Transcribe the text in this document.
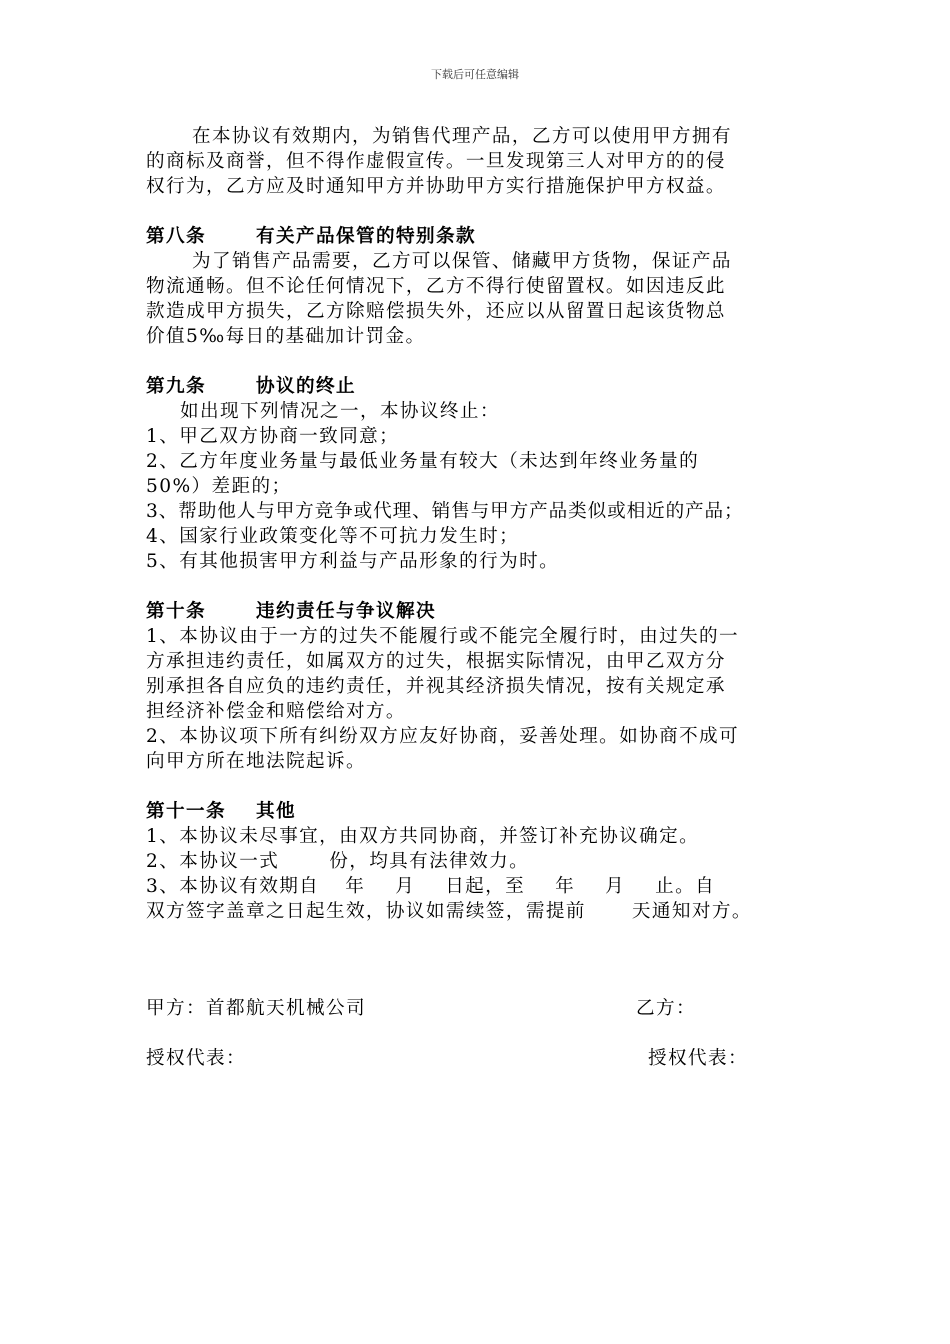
下载后可任意编辑
在本协议有效期内，为销售代理产品，乙方可以使用甲方拥有
的商标及商誉，但不得作虚假宣传。一旦发现第三人对甲方的的侵
权行为，乙方应及时通知甲方并协助甲方实行措施保护甲方权益。
第八条	有关产品保管的特别条款
为了销售产品需要，乙方可以保管、储藏甲方货物，保证产品
物流通畅。但不论任何情况下，乙方不得行使留置权。如因违反此
款造成甲方损失，乙方除赔偿损失外，还应以从留置日起该货物总
价值5‰每日的基础加计罚金。
第九条	协议的终止
如出现下列情况之一，本协议终止：
1、甲乙双方协商一致同意；
2、乙方年度业务量与最低业务量有较大（未达到年终业务量的
50%）差距的；
3、帮助他人与甲方竞争或代理、销售与甲方产品类似或相近的产品；
4、国家行业政策变化等不可抗力发生时；
5、有其他损害甲方利益与产品形象的行为时。
第十条	违约责任与争议解决
1、本协议由于一方的过失不能履行或不能完全履行时，由过失的一
方承担违约责任，如属双方的过失，根据实际情况，由甲乙双方分
别承担各自应负的违约责任，并视其经济损失情况，按有关规定承
担经济补偿金和赔偿给对方。
2、本协议项下所有纠纷双方应友好协商，妥善处理。如协商不成可
向甲方所在地法院起诉。
第十一条 其他
1、本协议未尽事宜，由双方共同协商，并签订补充协议确定。
2、本协议一式	份，均具有法律效力。
3、本协议有效期自 年 月 日起，至 年 月 止。自
双方签字盖章之日起生效，协议如需续签，需提前 天通知对方。
甲方：首都航天机械公司	乙方：
授权代表：	授权代表：
